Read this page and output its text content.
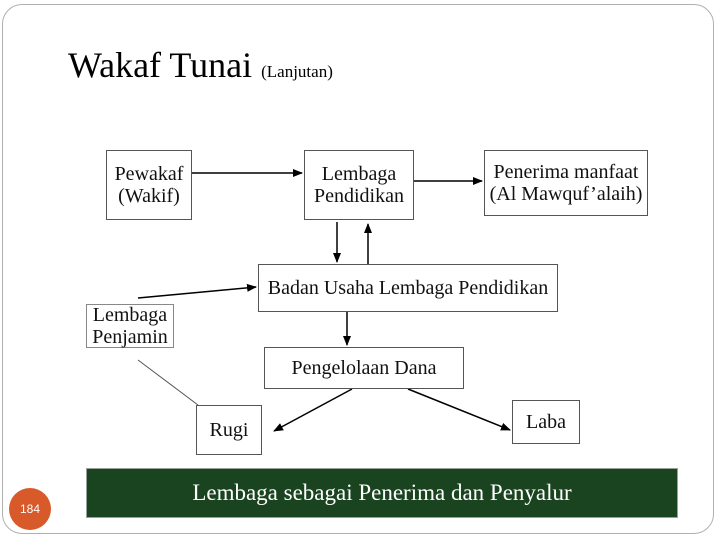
Wakaf Tunai (Lanjutan)
Pewakaf
(Wakif)
Lembaga
Pendidikan
Penerima manfaat
(Al Mawquf’alaih)
Badan Usaha Lembaga Pendidikan
Lembaga
Penjamin
Pengelolaan Dana
Rugi	Laba
Lembaga sebagai Penerima dan Penyalur
184
